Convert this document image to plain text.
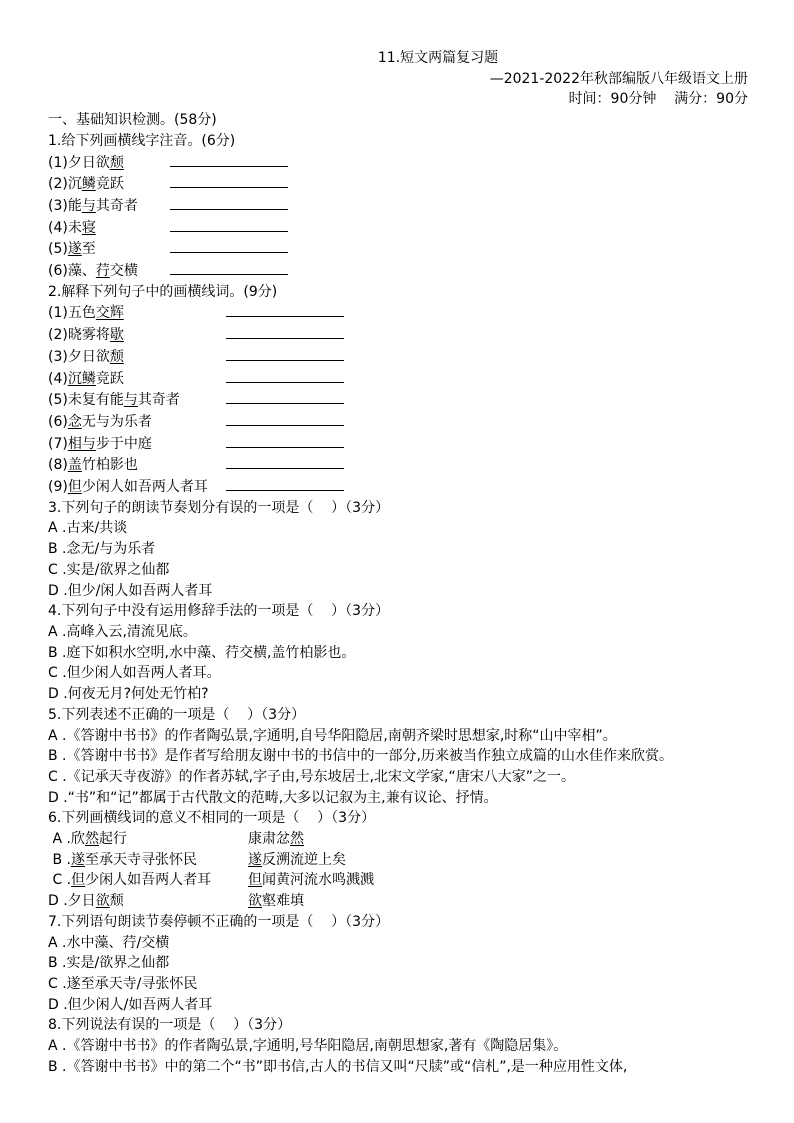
11.短文两篇复习题
—2021-2022年秋部编版八年级语文上册
时间：90分钟    满分：90分
一、基础知识检测。(58分)
1.给下列画横线字注音。(6分)
(1)夕日欲颓
(2)沉鳞竞跃
(3)能与其奇者
(4)未寝
(5)遂至
(6)藻、荇交横
2.解释下列句子中的画横线词。(9分)
(1)五色交辉
(2)晓雾将歇
(3)夕日欲颓
(4)沉鳞竞跃
(5)未复有能与其奇者
(6)念无与为乐者
(7)相与步于中庭
(8)盖竹柏影也
(9)但少闲人如吾两人者耳
3.下列句子的朗读节奏划分有误的一项是（    ）（3分）
A .古来/共谈
B .念无/与为乐者
C .实是/欲界之仙都
D .但少/闲人如吾两人者耳
4.下列句子中没有运用修辞手法的一项是（    ）（3分）
A .高峰入云,清流见底。
B .庭下如积水空明,水中藻、荇交横,盖竹柏影也。
C .但少闲人如吾两人者耳。
D .何夜无月?何处无竹柏?
5.下列表述不正确的一项是（    ）（3分）
A .《答谢中书书》的作者陶弘景,字通明,自号华阳隐居,南朝齐梁时思想家,时称“山中宰相”。
B .《答谢中书书》是作者写给朋友谢中书的书信中的一部分,历来被当作独立成篇的山水佳作来欣赏。
C .《记承天寺夜游》的作者苏轼,字子由,号东坡居士,北宋文学家,“唐宋八大家”之一。
D .“书”和“记”都属于古代散文的范畴,大多以记叙为主,兼有议论、抒情。
6.下列画横线词的意义不相同的一项是（    ）（3分）
A .欣然起行	康肃忿然
B .遂至承天寺寻张怀民	遂反溯流逆上矣
C .但少闲人如吾两人者耳	但闻黄河流水鸣溅溅
D .夕日欲颓	欲壑难填
7.下列语句朗读节奏停顿不正确的一项是（    ）（3分）
A .水中藻、荇/交横
B .实是/欲界之仙都
C .遂至承天寺/寻张怀民
D .但少闲人/如吾两人者耳
8.下列说法有误的一项是（    ）（3分）
A .《答谢中书书》的作者陶弘景,字通明,号华阳隐居,南朝思想家,著有《陶隐居集》。
B .《答谢中书书》中的第二个“书”即书信,古人的书信又叫“尺牍”或“信札”,是一种应用性文体,
